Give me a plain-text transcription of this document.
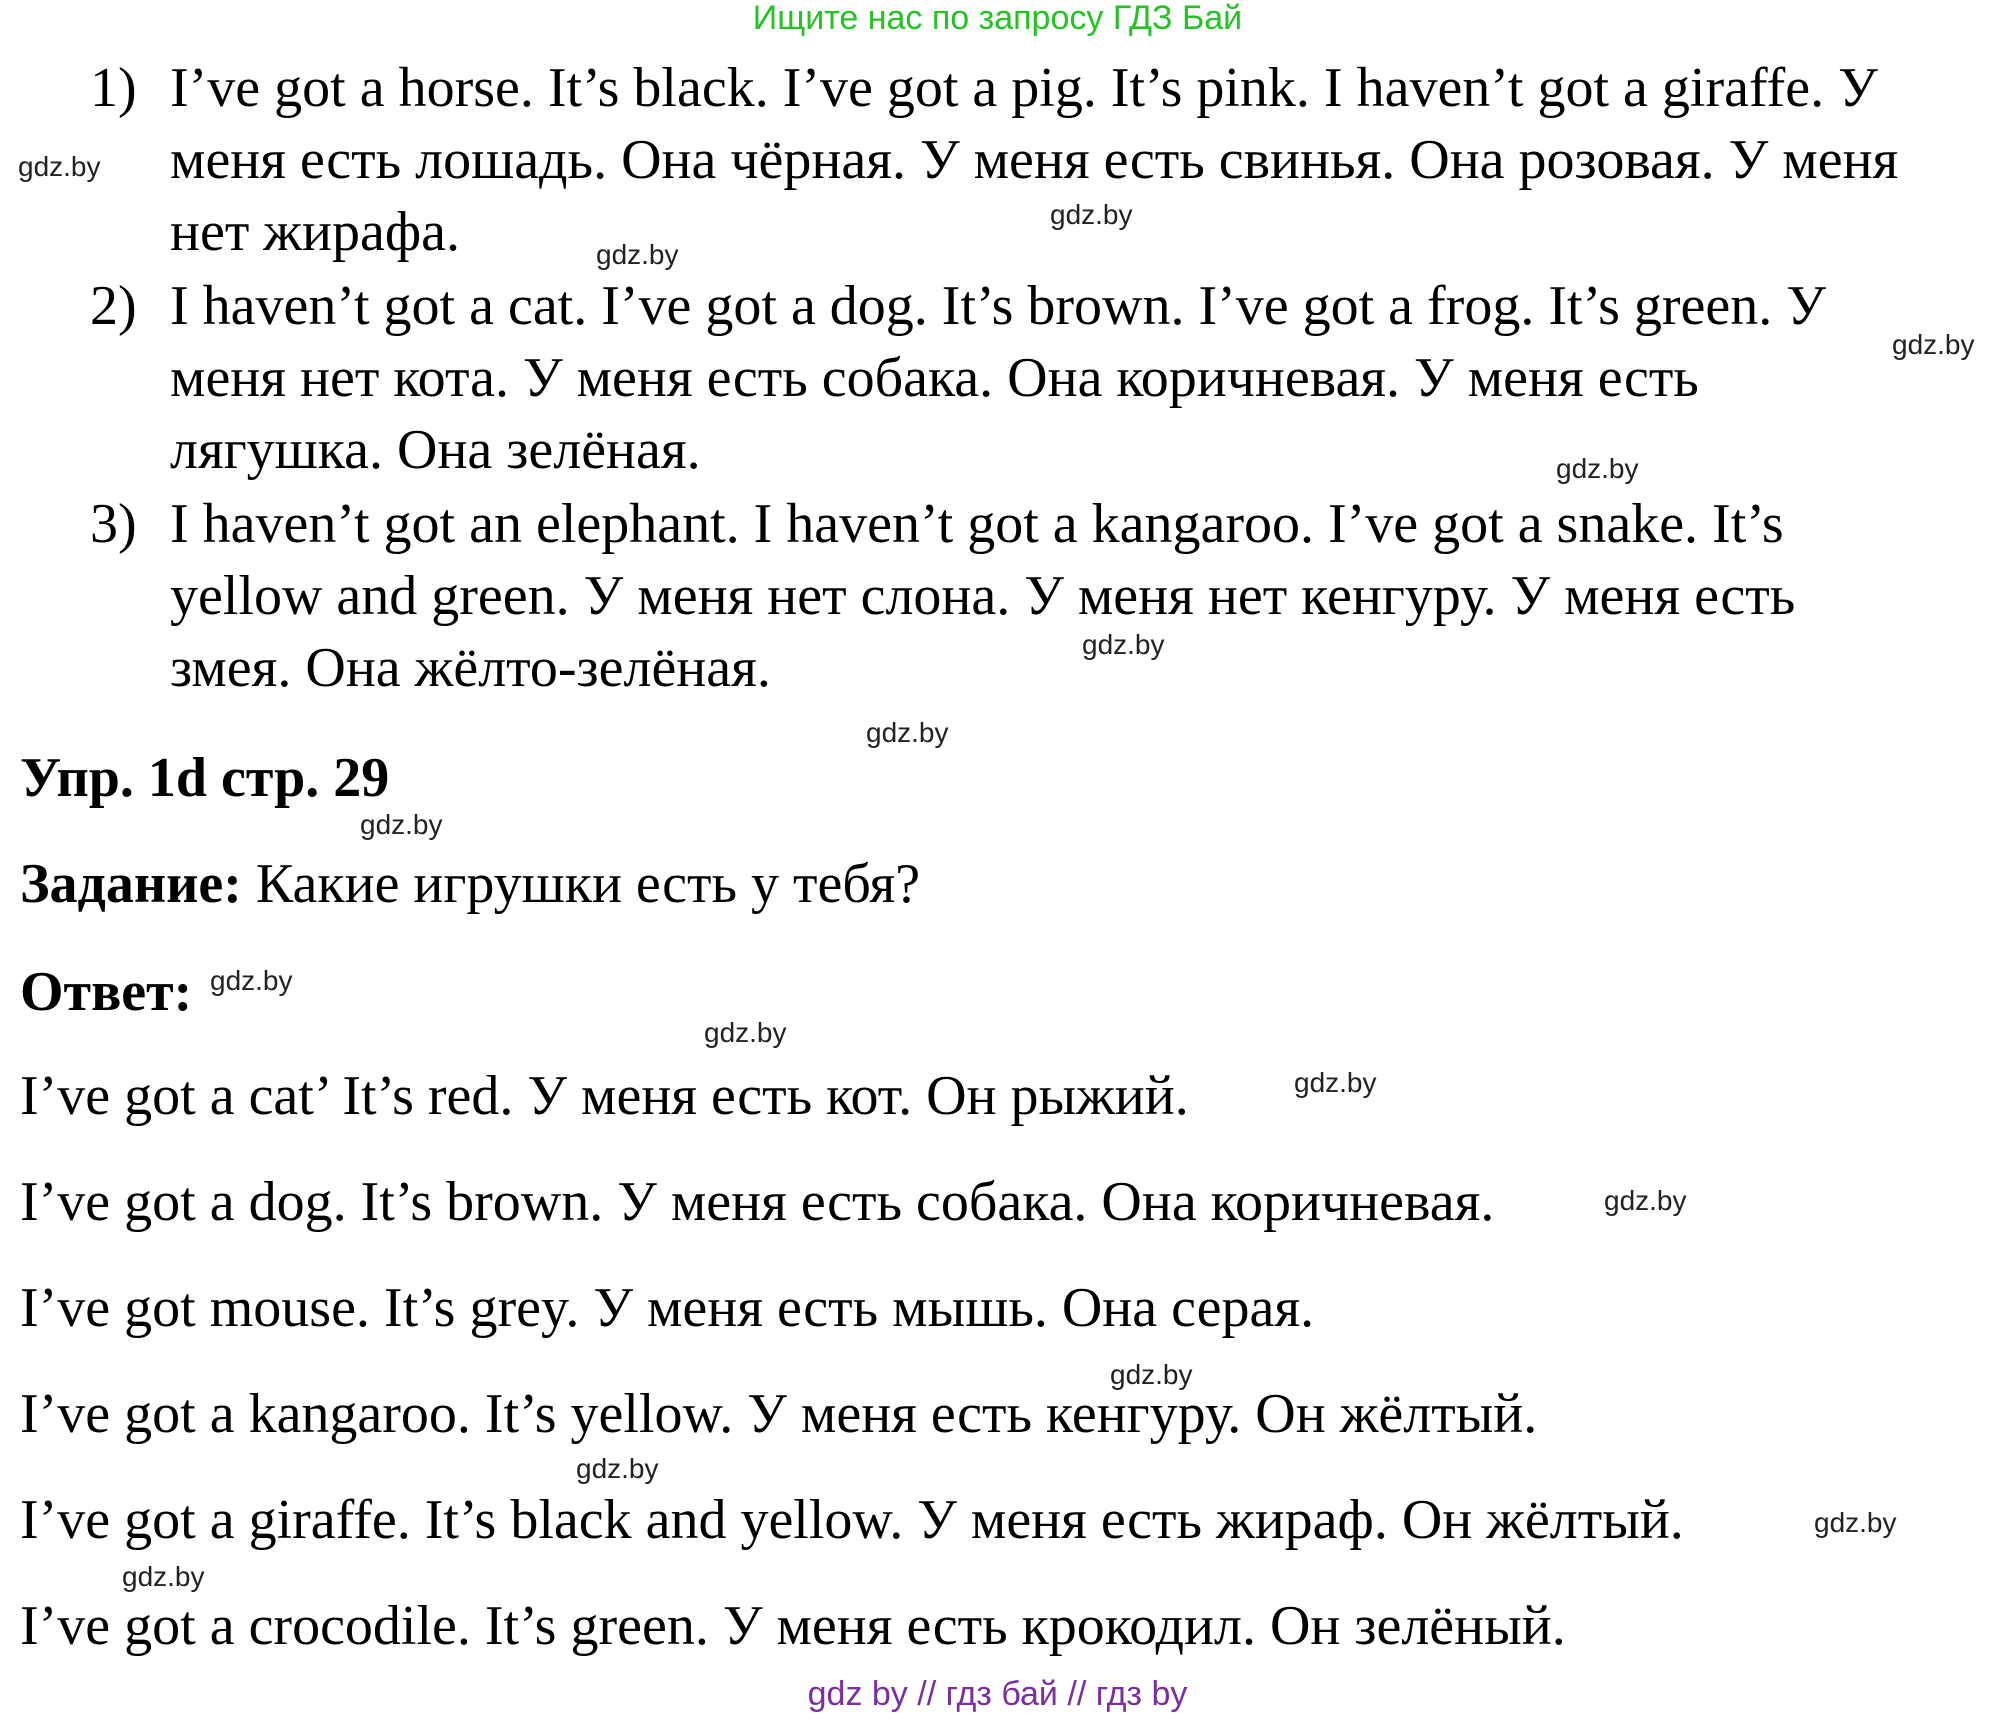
Ищите нас по запросу ГДЗ Бай
1) I’ve got a horse. It’s black. I’ve got a pig. It’s pink. I haven’t got a giraffe. У
меня есть лошадь. Она чёрная. У меня есть свинья. Она розовая. У меня
нет жирафа.
2) I haven’t got a cat. I’ve got a dog. It’s brown. I’ve got a frog. It’s green. У
меня нет кота. У меня есть собака. Она коричневая. У меня есть
лягушка. Она зелёная.
3) I haven’t got an elephant. I haven’t got a kangaroo. I’ve got a snake. It’s
yellow and green. У меня нет слона. У меня нет кенгуру. У меня есть
змея. Она жёлто-зелёная.
Упр. 1d стр. 29
Задание: Какие игрушки есть у тебя?
Ответ:
I’ve got a cat’ It’s red. У меня есть кот. Он рыжий.
I’ve got a dog. It’s brown. У меня есть собака. Она коричневая.
I’ve got mouse. It’s grey. У меня есть мышь. Она серая.
I’ve got a kangaroo. It’s yellow. У меня есть кенгуру. Он жёлтый.
I’ve got a giraffe. It’s black and yellow. У меня есть жираф. Он жёлтый.
I’ve got a crocodile. It’s green. У меня есть крокодил. Он зелёный.
gdz.by
gdz.by
gdz.by
gdz.by
gdz.by
gdz.by
gdz.by
gdz.by
gdz.by
gdz.by
gdz.by
gdz.by
gdz.by
gdz.by
gdz.by
gdz.by
gdz by // гдз бай // гдз by
